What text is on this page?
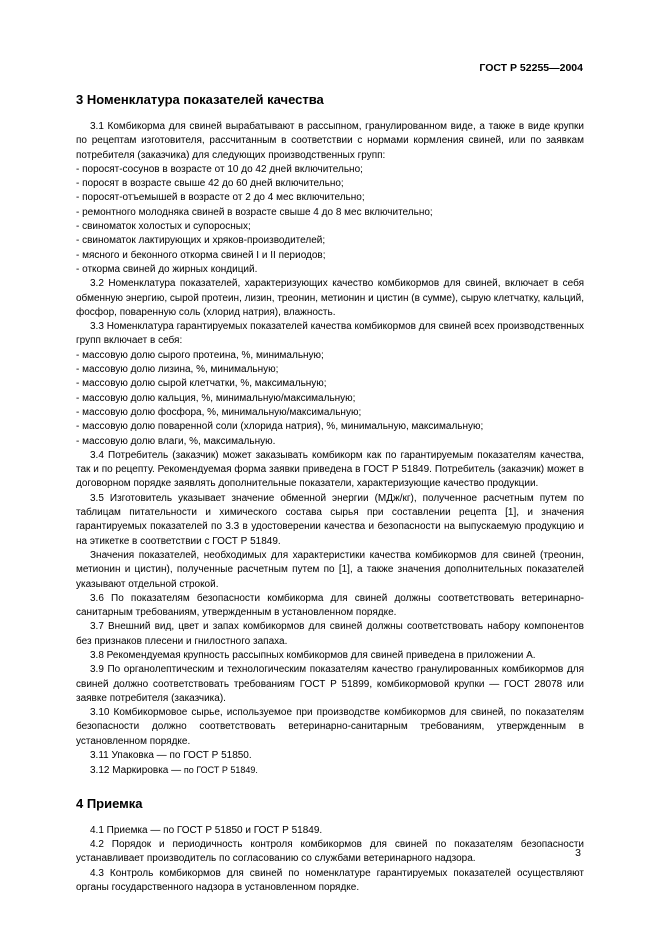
ГОСТ Р 52255—2004
3 Номенклатура показателей качества

3.1 Комбикорма для свиней вырабатывают в рассыпном, гранулированном виде, а также в виде крупки по рецептам изготовителя, рассчитанным в соответствии с нормами кормления свиней, или по заявкам потребителя (заказчика) для следующих производственных групп:

- поросят-сосунов в возрасте от 10 до 42 дней включительно;
- поросят в возрасте свыше 42 до 60 дней включительно;
- поросят-отъемышей в возрасте от 2 до 4 мес включительно;
- ремонтного молодняка свиней в возрасте свыше 4 до 8 мес включительно;
- свиноматок холостых и супоросных;
- свиноматок лактирующих и хряков-производителей;
- мясного и беконного откорма свиней I и II периодов;
- откорма свиней до жирных кондиций.

3.2 Номенклатура показателей, характеризующих качество комбикормов для свиней, включает в себя обменную энергию, сырой протеин, лизин, треонин, метионин и цистин (в сумме), сырую клетчатку, кальций, фосфор, поваренную соль (хлорид натрия), влажность.

3.3 Номенклатура гарантируемых показателей качества комбикормов для свиней всех производственных групп включает в себя:

- массовую долю сырого протеина, %, минимальную;
- массовую долю лизина, %, минимальную;
- массовую долю сырой клетчатки, %, максимальную;
- массовую долю кальция, %, минимальную/максимальную;
- массовую долю фосфора, %, минимальную/максимальную;
- массовую долю поваренной соли (хлорида натрия), %, минимальную, максимальную;
- массовую долю влаги, %, максимальную.

3.4 Потребитель (заказчик) может заказывать комбикорм как по гарантируемым показателям качества, так и по рецепту. Рекомендуемая форма заявки приведена в ГОСТ Р 51849. Потребитель (заказчик) может в договорном порядке заявлять дополнительные показатели, характеризующие качество продукции.

3.5 Изготовитель указывает значение обменной энергии (МДж/кг), полученное расчетным путем по таблицам питательности и химического состава сырья при составлении рецепта [1], и значения гарантируемых показателей по 3.3 в удостоверении качества и безопасности на выпускаемую продукцию и на этикетке в соответствии с ГОСТ Р 51849.

Значения показателей, необходимых для характеристики качества комбикормов для свиней (треонин, метионин и цистин), полученные расчетным путем по [1], а также значения дополнительных показателей указывают отдельной строкой.

3.6 По показателям безопасности комбикорма для свиней должны соответствовать ветеринарно-санитарным требованиям, утвержденным в установленном порядке.

3.7 Внешний вид, цвет и запах комбикормов для свиней должны соответствовать набору компонентов без признаков плесени и гнилостного запаха.

3.8 Рекомендуемая крупность рассыпных комбикормов для свиней приведена в приложении А.

3.9 По органолептическим и технологическим показателям качество гранулированных комбикормов для свиней должно соответствовать требованиям ГОСТ Р 51899, комбикормовой крупки — ГОСТ 28078 или заявке потребителя (заказчика).

3.10 Комбикормовое сырье, используемое при производстве комбикормов для свиней, по показателям безопасности должно соответствовать ветеринарно-санитарным требованиям, утвержденным в установленном порядке.

3.11 Упаковка — по ГОСТ Р 51850.

3.12 Маркировка — по ГОСТ Р 51849.

4 Приемка

4.1 Приемка — по ГОСТ Р 51850 и ГОСТ Р 51849.

4.2 Порядок и периодичность контроля комбикормов для свиней по показателям безопасности устанавливает производитель по согласованию со службами ветеринарного надзора.

4.3 Контроль комбикормов для свиней по номенклатуре гарантируемых показателей осуществляют органы государственного надзора в установленном порядке.

3
